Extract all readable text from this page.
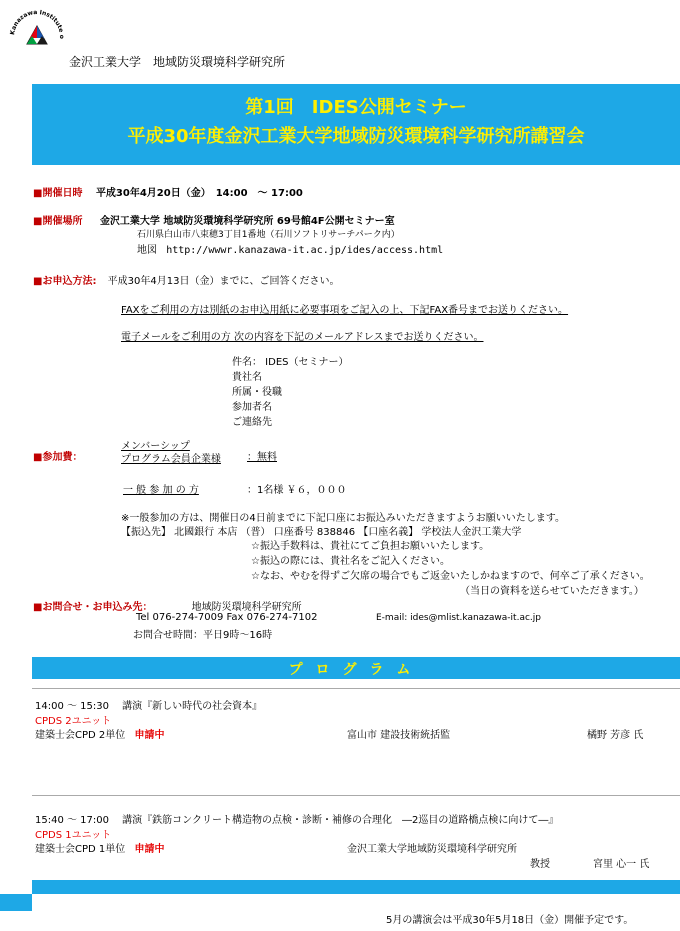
Kanazawa Institute o
金沢工業大学　地域防災環境科学研究所
第1回　IDES公開セミナー
平成30年度金沢工業大学地域防災環境科学研究所講習会
■開催日時 平成30年4月20日（金）　14:00　～ 17:00
■開催場所 金沢工業大学 地域防災環境科学研究所 69号館4F公開セミナー室
石川県白山市八束穂3丁目1番地（石川ソフトリサーチパーク内）
地図 http://wwwr.kanazawa-it.ac.jp/ides/access.html
■お申込方法: 平成30年4月13日（金）までに、ご回答ください。
FAXをご利用の方は別紙のお申込用紙に必要事項をご記入の上、下記FAX番号までお送りください。
電子メールをご利用の方 次の内容を下記のメールアドレスまでお送りください。
件名： IDES（セミナー）
貴社名
所属・役職
参加者名
ご連絡先
■参加費：
メンバーシップ
プログラム会員企業様	：無料
一 般 参 加 の 方	：1名様 ￥６，０００
※一般参加の方は、開催日の4日前までに下記口座にお振込みいただきますようお願いいたします。
【振込先】 北國銀行 本店 （普） 口座番号 838846 【口座名義】 学校法人金沢工業大学
☆振込手数料は、貴社にてご負担お願いいたします。
☆振込の際には、貴社名をご記入ください。
☆なお、やむを得ずご欠席の場合でもご返金いたしかねますので、何卒ご了承ください。
（当日の資料を送らせていただきます。）
■お問合せ・お申込み先：	地域防災環境科学研究所
Tel 076-274-7009 Fax 076-274-7102	E-mail: ides@mlist.kanazawa-it.ac.jp
お問合せ時間：平日9時～16時
プログラム
14:00 ～ 15:30　 講演『新しい時代の社会資本』
CPDS 2ユニット
建築士会CPD 2単位 申請中	富山市 建設技術統括監	橘野 芳彦 氏
15:40 ～ 17:00　 講演『鉄筋コンクリート構造物の点検・診断・補修の合理化　―2巡目の道路橋点検に向けて―』
CPDS 1ユニット
建築士会CPD 1単位 申請中	金沢工業大学地域防災環境科学研究所
教授	宮里 心一 氏
5月の講演会は平成30年5月18日（金）開催予定です。
